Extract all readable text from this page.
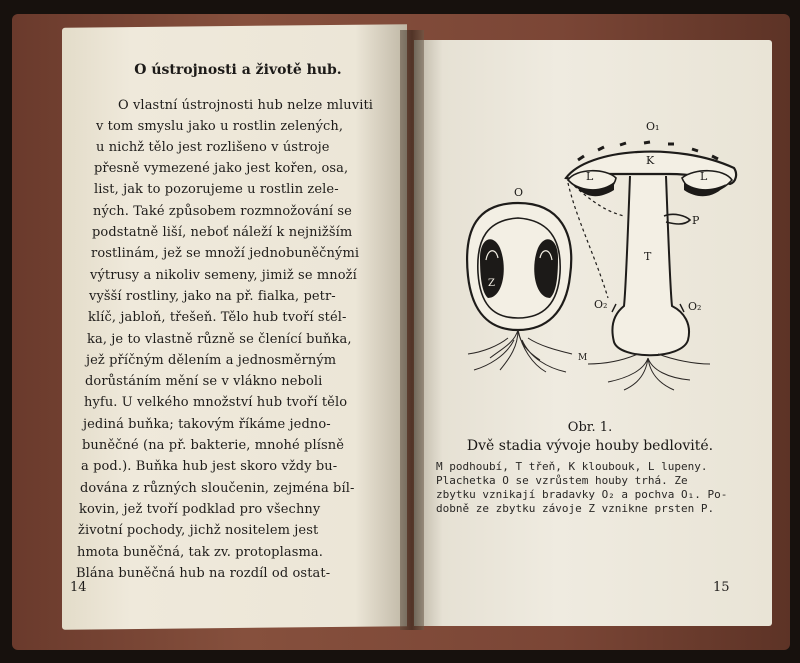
O ústrojnosti a životě hub.
O vlastní ústrojnosti hub nelze mluviti
v tom smyslu jako u rostlin zelených,
u nichž tělo jest rozlišeno v ústroje
přesně vymezené jako jest kořen, osa,
list, jak to pozorujeme u rostlin zele-
ných. Také způsobem rozmnožování se
podstatně liší, neboť náleží k nejnižším
rostlinám, jež se množí jednobuněčnými
výtrusy a nikoliv semeny, jimiž se množí
vyšší rostliny, jako na př. fialka, petr-
klíč, jabloň, třešeň. Tělo hub tvoří stél-
ka, je to vlastně různě se členící buňka,
jež příčným dělením a jednosměrným
dorůstáním mění se v vlákno neboli
hyfu. U velkého množství hub tvoří tělo
jediná buňka; takovým říkáme jedno-
buněčné (na př. bakterie, mnohé plísně
a pod.). Buňka hub jest skoro vždy bu-
dována z různých sloučenin, zejména bíl-
kovin, jež tvoří podklad pro všechny
životní pochody, jichž nositelem jest
hmota buněčná, tak zv. protoplasma.
Blána buněčná hub na rozdíl od ostat-
14
O
O₁
K
L	L
P
T
Z
O₂	O₂
M
Obr. 1.
Dvě stadia vývoje houby bedlovité.
M podhoubí, T třeň, K kloubouk, L lupeny.
Plachetka O se vzrůstem houby trhá. Ze
zbytku vznikají bradavky O₂ a pochva O₁. Po-
dobně ze zbytku závoje Z vznikne prsten P.
15
